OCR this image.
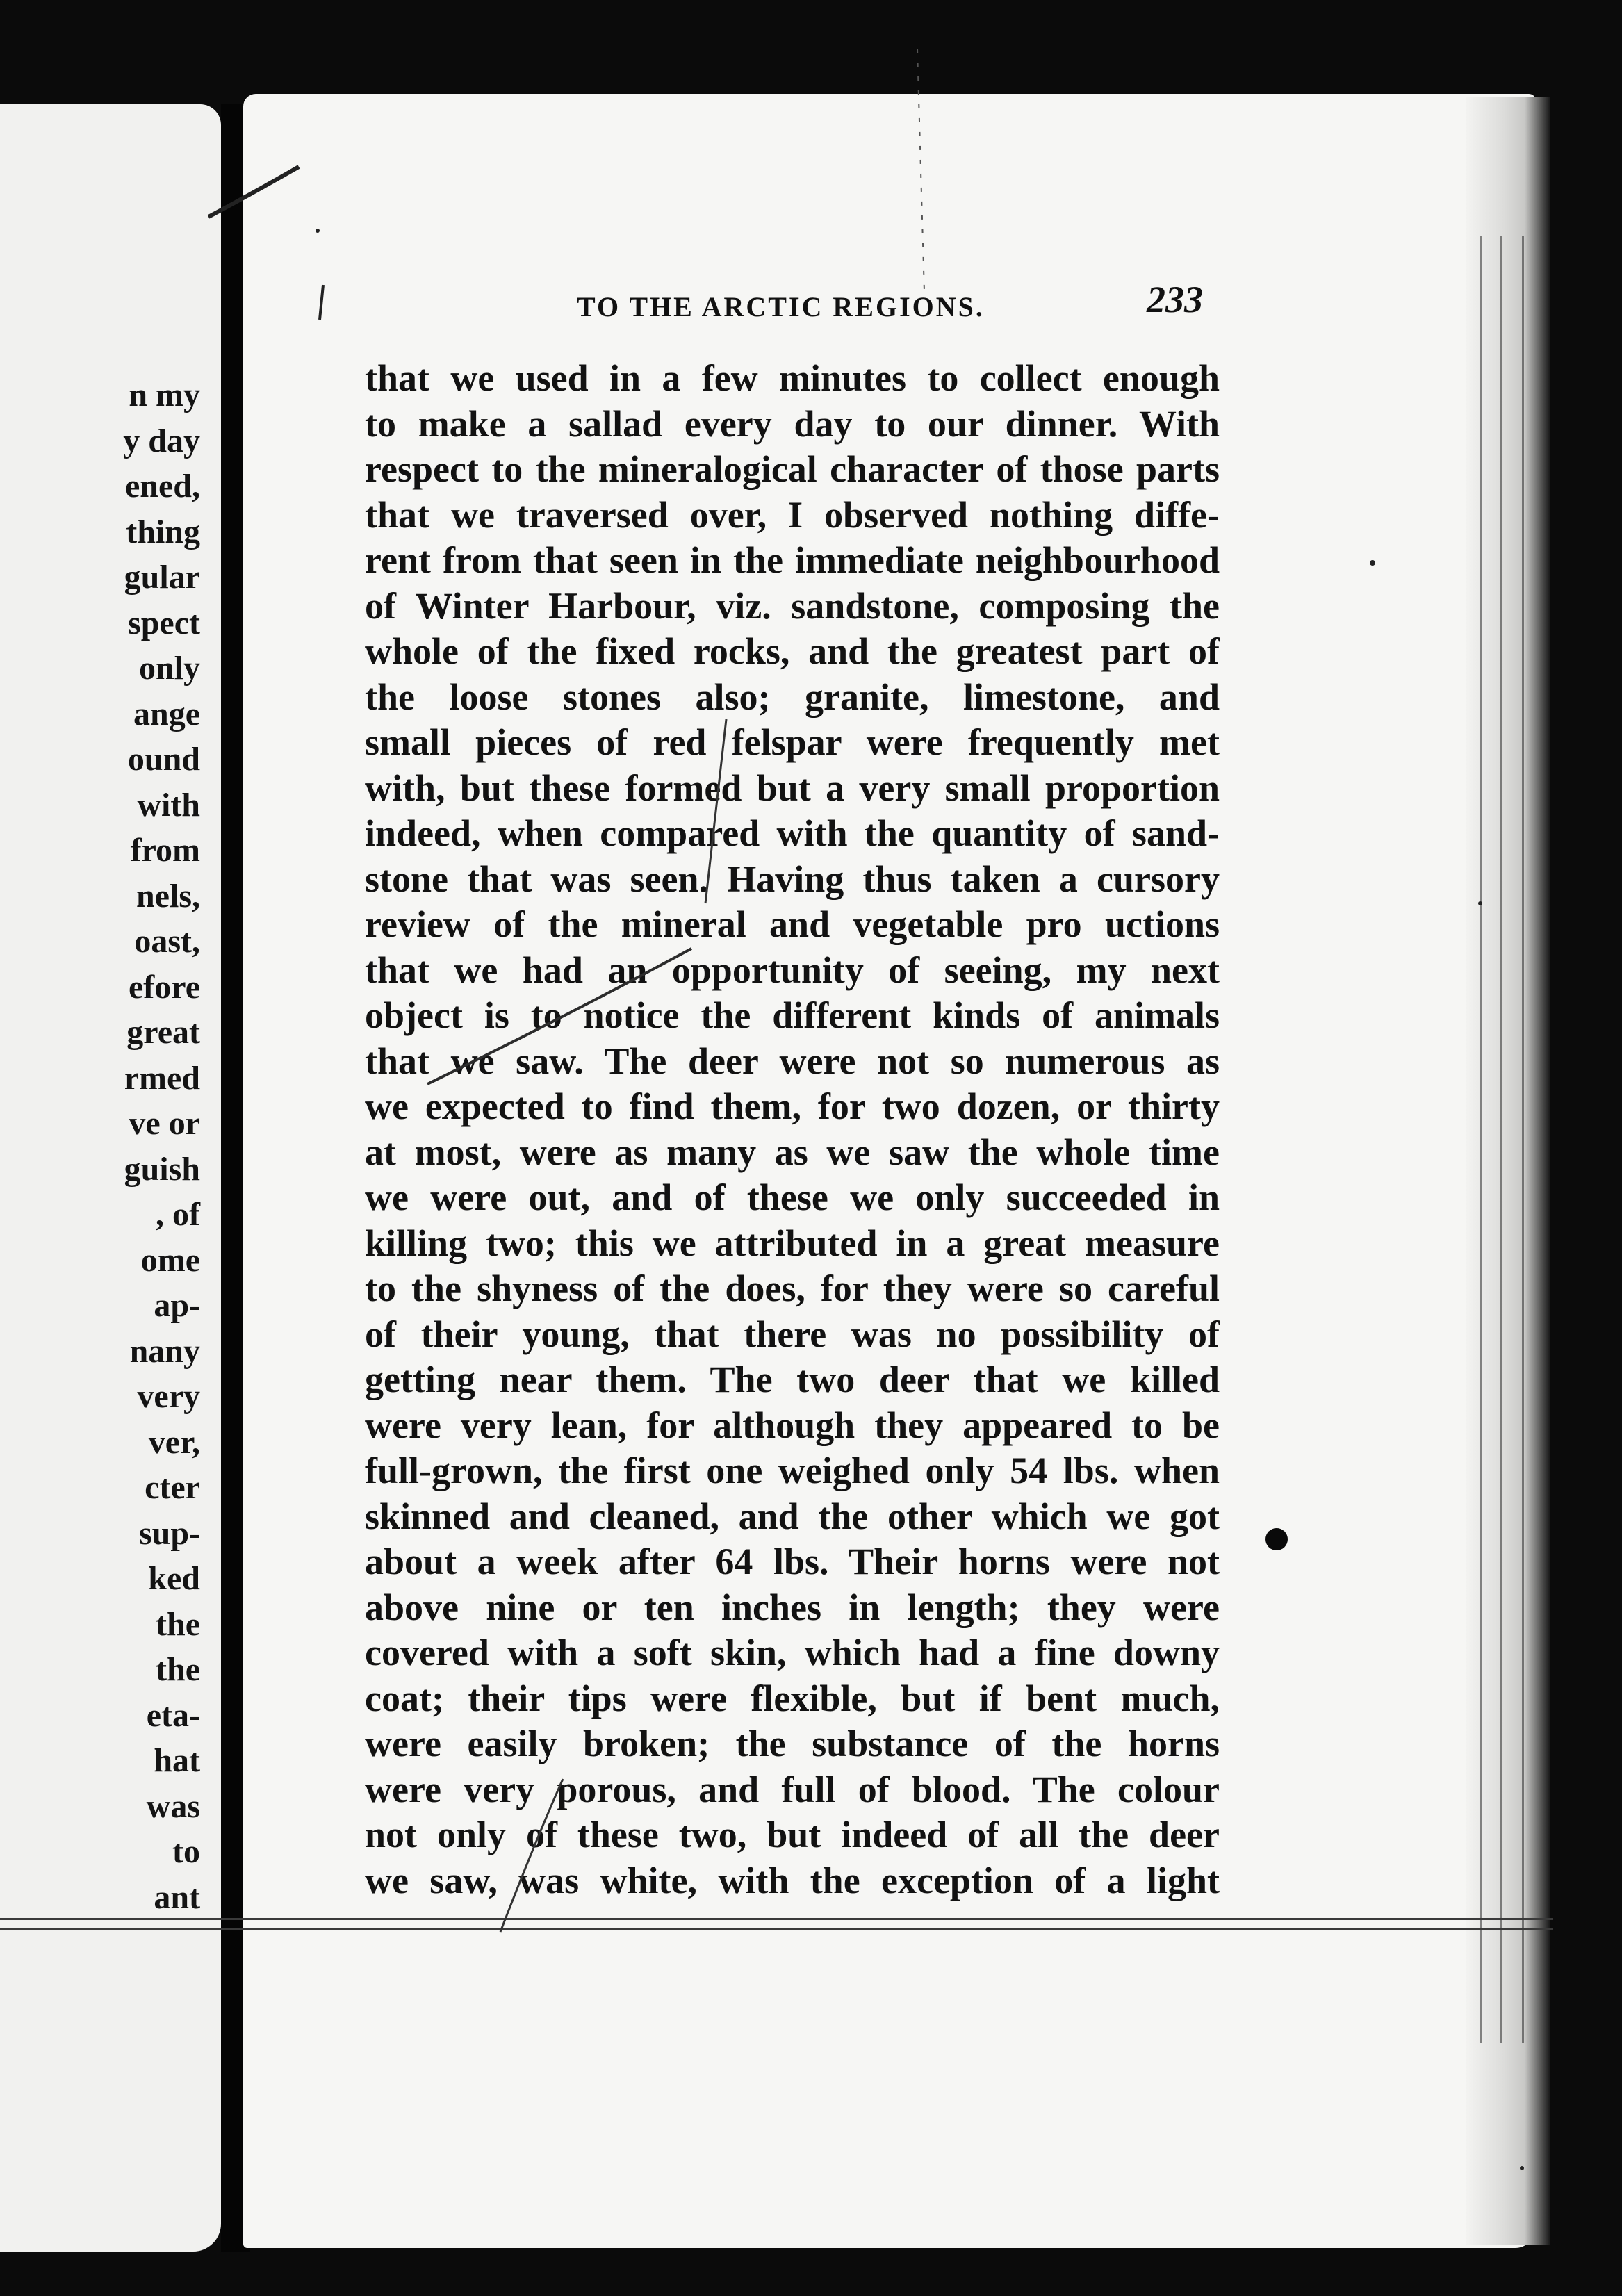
n my
y day
ened,
thing
gular
spect
only
ange
ound
with
from
nels,
oast,
efore
great
rmed
ve or
guish
, of
ome
ap-
nany
very
ver,
cter
sup-
ked
the
the
eta-
hat
was
to
ant
TO THE ARCTIC REGIONS.	233
that we used in a few minutes to collect enough
to make a sallad every day to our dinner. With
respect to the mineralogical character of those parts
that we traversed over, I observed nothing diffe-
rent from that seen in the immediate neighbourhood
of Winter Harbour, viz. sandstone, composing the
whole of the fixed rocks, and the greatest part of
the loose stones also; granite, limestone, and
small pieces of red felspar were frequently met
with, but these formed but a very small proportion
indeed, when compared with the quantity of sand-
stone that was seen. Having thus taken a cursory
review of the mineral and vegetable pro uctions
that we had an opportunity of seeing, my next
object is to notice the different kinds of animals
that we saw. The deer were not so numerous as
we expected to find them, for two dozen, or thirty
at most, were as many as we saw the whole time
we were out, and of these we only succeeded in
killing two; this we attributed in a great measure
to the shyness of the does, for they were so careful
of their young, that there was no possibility of
getting near them. The two deer that we killed
were very lean, for although they appeared to be
full-grown, the first one weighed only 54 lbs. when
skinned and cleaned, and the other which we got
about a week after 64 lbs. Their horns were not
above nine or ten inches in length; they were
covered with a soft skin, which had a fine downy
coat; their tips were flexible, but if bent much,
were easily broken; the substance of the horns
were very porous, and full of blood. The colour
not only of these two, but indeed of all the deer
we saw, was white, with the exception of a light
